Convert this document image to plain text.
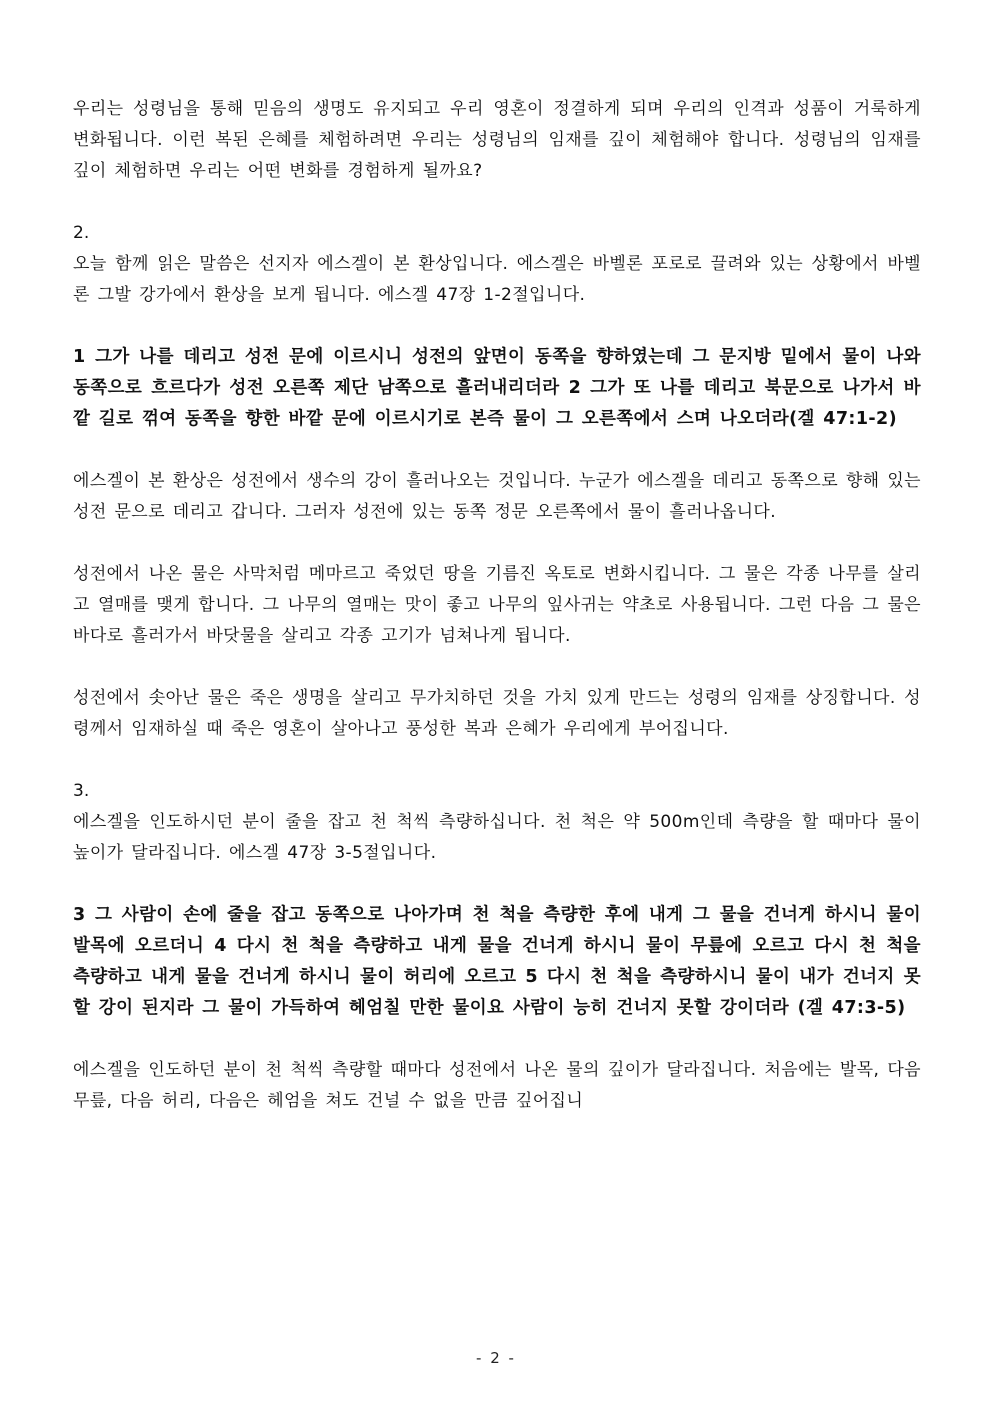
우리는 성령님을 통해 믿음의 생명도 유지되고 우리 영혼이 정결하게 되며 우리의 인격과 성품이 거룩하게 변화됩니다. 이런 복된 은혜를 체험하려면 우리는 성령님의 임재를 깊이 체험해야 합니다. 성령님의 임재를 깊이 체험하면 우리는 어떤 변화를 경험하게 될까요?

2.

오늘 함께 읽은 말씀은 선지자 에스겔이 본 환상입니다. 에스겔은 바벨론 포로로 끌려와 있는 상황에서 바벨론 그발 강가에서 환상을 보게 됩니다. 에스겔 47장 1-2절입니다.

1 그가 나를 데리고 성전 문에 이르시니 성전의 앞면이 동쪽을 향하였는데 그 문지방 밑에서 물이 나와 동쪽으로 흐르다가 성전 오른쪽 제단 남쪽으로 흘러내리더라 2 그가 또 나를 데리고 북문으로 나가서 바깥 길로 꺾여 동쪽을 향한 바깥 문에 이르시기로 본즉 물이 그 오른쪽에서 스며 나오더라(겔 47:1-2)

에스겔이 본 환상은 성전에서 생수의 강이 흘러나오는 것입니다. 누군가 에스겔을 데리고 동쪽으로 향해 있는 성전 문으로 데리고 갑니다. 그러자 성전에 있는 동쪽 정문 오른쪽에서 물이 흘러나옵니다.

성전에서 나온 물은 사막처럼 메마르고 죽었던 땅을 기름진 옥토로 변화시킵니다. 그 물은 각종 나무를 살리고 열매를 맺게 합니다. 그 나무의 열매는 맛이 좋고 나무의 잎사귀는 약초로 사용됩니다. 그런 다음 그 물은 바다로 흘러가서 바닷물을 살리고 각종 고기가 넘쳐나게 됩니다.

성전에서 솟아난 물은 죽은 생명을 살리고 무가치하던 것을 가치 있게 만드는 성령의 임재를 상징합니다. 성령께서 임재하실 때 죽은 영혼이 살아나고 풍성한 복과 은혜가 우리에게 부어집니다.

3.

에스겔을 인도하시던 분이 줄을 잡고 천 척씩 측량하십니다. 천 척은 약 500m인데 측량을 할 때마다 물이 높이가 달라집니다. 에스겔 47장 3-5절입니다.

3 그 사람이 손에 줄을 잡고 동쪽으로 나아가며 천 척을 측량한 후에 내게 그 물을 건너게 하시니 물이 발목에 오르더니 4 다시 천 척을 측량하고 내게 물을 건너게 하시니 물이 무릎에 오르고 다시 천 척을 측량하고 내게 물을 건너게 하시니 물이 허리에 오르고 5 다시 천 척을 측량하시니 물이 내가 건너지 못할 강이 된지라 그 물이 가득하여 헤엄칠 만한 물이요 사람이 능히 건너지 못할 강이더라 (겔 47:3-5)

에스겔을 인도하던 분이 천 척씩 측량할 때마다 성전에서 나온 물의 깊이가 달라집니다. 처음에는 발목, 다음 무릎, 다음 허리, 다음은 헤엄을 쳐도 건널 수 없을 만큼 깊어집니

- 2 -
